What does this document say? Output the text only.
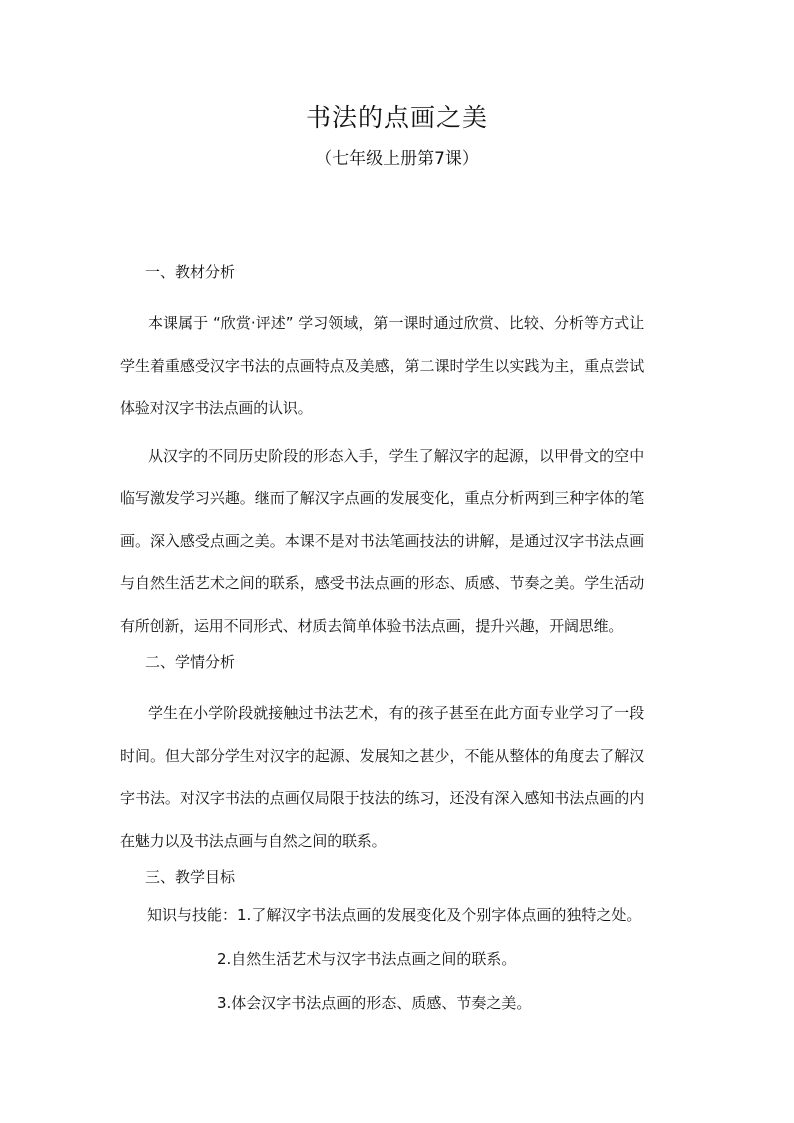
书法的点画之美
（七年级上册第7课）

一、教材分析

本课属于 “欣赏·评述” 学习领域，第一课时通过欣赏、比较、分析等方式让学生着重感受汉字书法的点画特点及美感，第二课时学生以实践为主，重点尝试体验对汉字书法点画的认识。

从汉字的不同历史阶段的形态入手，学生了解汉字的起源，以甲骨文的空中临写激发学习兴趣。继而了解汉字点画的发展变化，重点分析两到三种字体的笔画。深入感受点画之美。本课不是对书法笔画技法的讲解，是通过汉字书法点画与自然生活艺术之间的联系，感受书法点画的形态、质感、节奏之美。学生活动有所创新，运用不同形式、材质去简单体验书法点画，提升兴趣，开阔思维。

二、学情分析

学生在小学阶段就接触过书法艺术，有的孩子甚至在此方面专业学习了一段时间。但大部分学生对汉字的起源、发展知之甚少，不能从整体的角度去了解汉字书法。对汉字书法的点画仅局限于技法的练习，还没有深入感知书法点画的内在魅力以及书法点画与自然之间的联系。

三、教学目标

知识与技能：1.了解汉字书法点画的发展变化及个别字体点画的独特之处。

2.自然生活艺术与汉字书法点画之间的联系。

3.体会汉字书法点画的形态、质感、节奏之美。
